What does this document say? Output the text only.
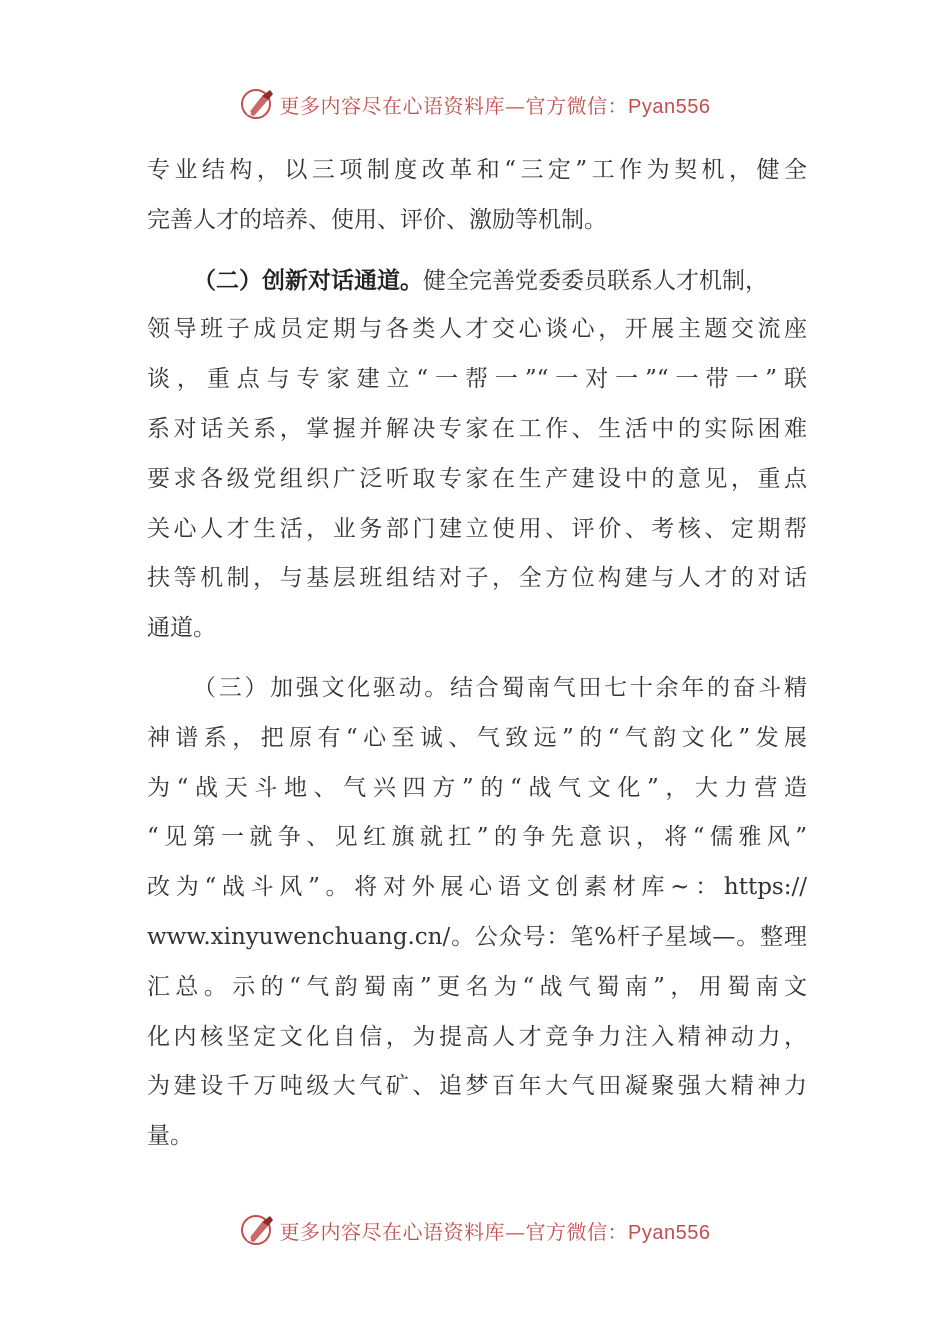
更多内容尽在心语资料库—官方微信：Pyan556
专业结构，以三项制度改革和“三定”工作为契机，健全
完善人才的培养、使用、评价、激励等机制。
（二）创新对话通道。健全完善党委委员联系人才机制，
领导班子成员定期与各类人才交心谈心，开展主题交流座
谈，重点与专家建立“一帮一”“一对一”“一带一”联
系对话关系，掌握并解决专家在工作、生活中的实际困难
要求各级党组织广泛听取专家在生产建设中的意见，重点
关心人才生活，业务部门建立使用、评价、考核、定期帮
扶等机制，与基层班组结对子，全方位构建与人才的对话
通道。
（三）加强文化驱动。结合蜀南气田七十余年的奋斗精
神谱系，把原有“心至诚、气致远”的“气韵文化”发展
为“战天斗地、气兴四方”的“战气文化”，大力营造
“见第一就争、见红旗就扛”的争先意识，将“儒雅风”
改为“战斗风”。将对外展心语文创素材库~：https://
www.xinyuwenchuang.cn/。公众号：笔%杆子星域—。整理
汇总。示的“气韵蜀南”更名为“战气蜀南”，用蜀南文
化内核坚定文化自信，为提高人才竞争力注入精神动力，
为建设千万吨级大气矿、追梦百年大气田凝聚强大精神力
量。
更多内容尽在心语资料库—官方微信：Pyan556
